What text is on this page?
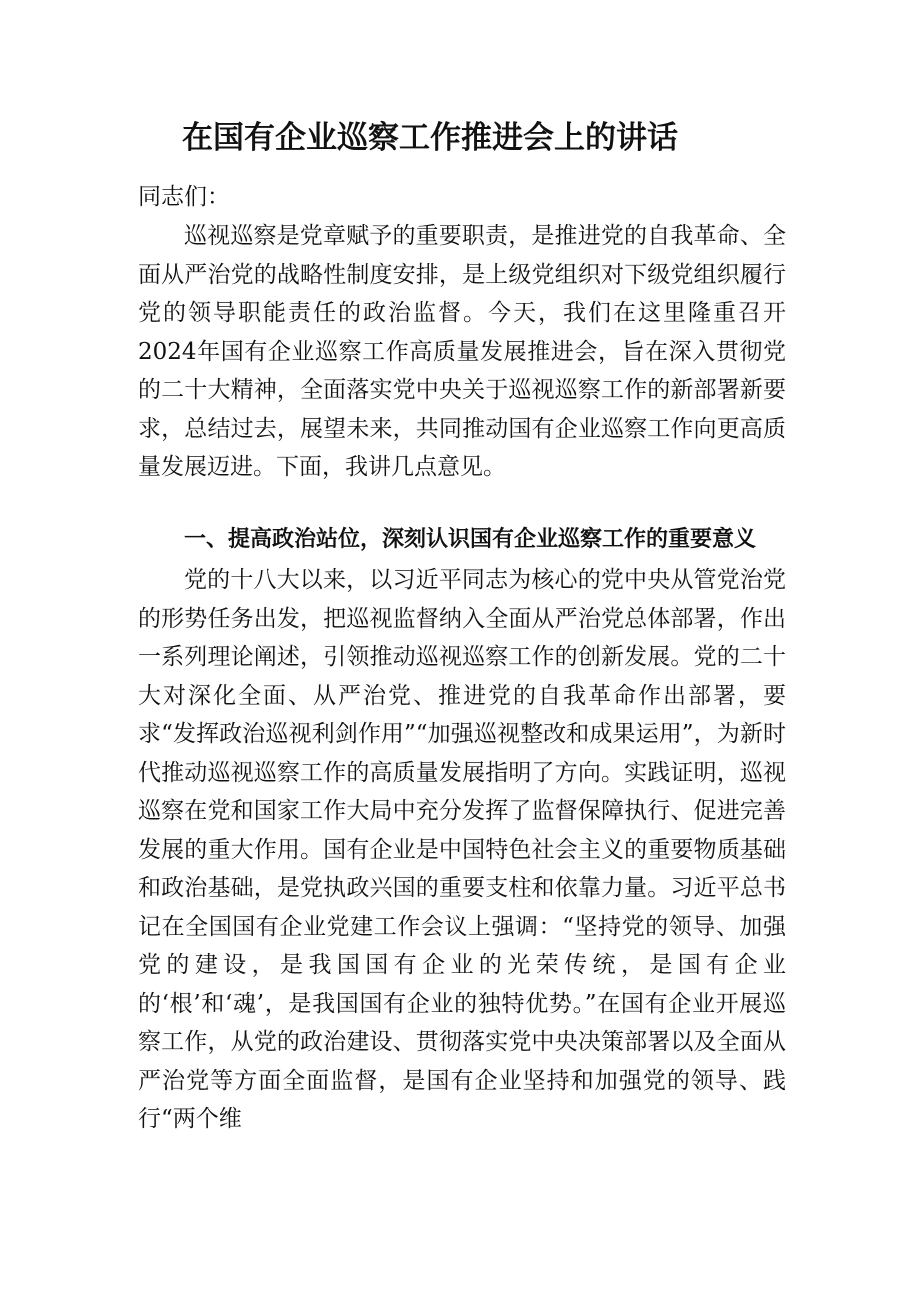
在国有企业巡察工作推进会上的讲话

同志们：

巡视巡察是党章赋予的重要职责，是推进党的自我革命、全面从严治党的战略性制度安排，是上级党组织对下级党组织履行党的领导职能责任的政治监督。今天，我们在这里隆重召开2024年国有企业巡察工作高质量发展推进会，旨在深入贯彻党的二十大精神，全面落实党中央关于巡视巡察工作的新部署新要求，总结过去，展望未来，共同推动国有企业巡察工作向更高质量发展迈进。下面，我讲几点意见。

一、提高政治站位，深刻认识国有企业巡察工作的重要意义

党的十八大以来，以习近平同志为核心的党中央从管党治党的形势任务出发，把巡视监督纳入全面从严治党总体部署，作出一系列理论阐述，引领推动巡视巡察工作的创新发展。党的二十大对深化全面、从严治党、推进党的自我革命作出部署，要求“发挥政治巡视利剑作用”“加强巡视整改和成果运用”，为新时代推动巡视巡察工作的高质量发展指明了方向。实践证明，巡视巡察在党和国家工作大局中充分发挥了监督保障执行、促进完善发展的重大作用。国有企业是中国特色社会主义的重要物质基础和政治基础，是党执政兴国的重要支柱和依靠力量。习近平总书记在全国国有企业党建工作会议上强调：“坚持党的领导、加强党的建设，是我国国有企业的光荣传统，是国有企业的‘根’和‘魂’，是我国国有企业的独特优势。”在国有企业开展巡察工作，从党的政治建设、贯彻落实党中央决策部署以及全面从严治党等方面全面监督，是国有企业坚持和加强党的领导、践行“两个维
